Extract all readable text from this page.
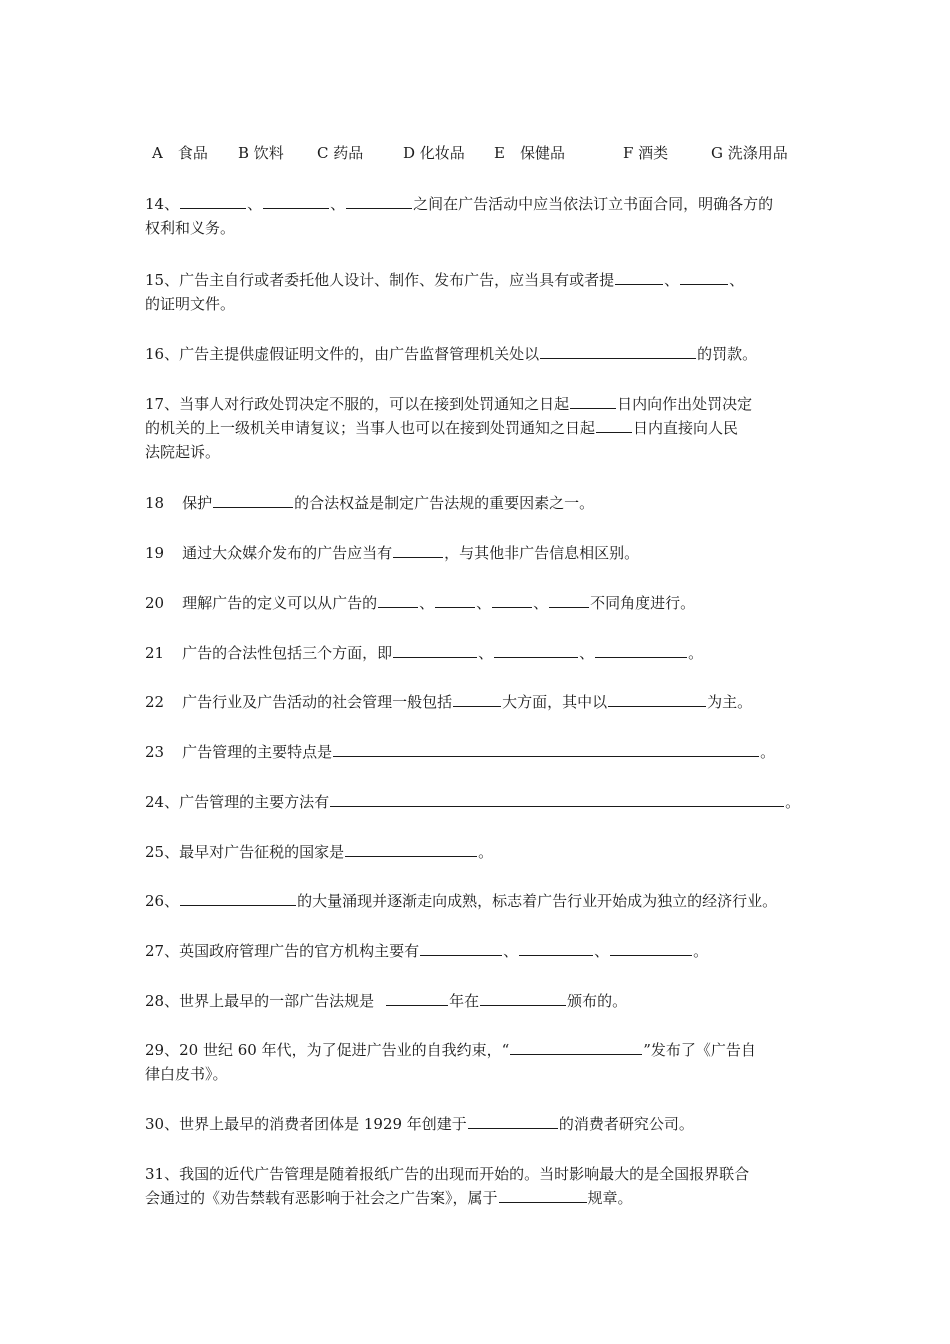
A　食品 B 饮料 C 药品	D 化妆品 E　保健品	F 酒类	G 洗涤用品
14、	、	、	之间在广告活动中应当依法订立书面合同，明确各方的
权利和义务。
15、广告主自行或者委托他人设计、制作、发布广告，应当具有或者提	、	、
的证明文件。
16、广告主提供虚假证明文件的，由广告监督管理机关处以	的罚款。
17、当事人对行政处罚决定不服的，可以在接到处罚通知之日起	日内向作出处罚决定
的机关的上一级机关申请复议；当事人也可以在接到处罚通知之日起	日内直接向人民
法院起诉。
18 保护	的合法权益是制定广告法规的重要因素之一。
19 通过大众媒介发布的广告应当有	，与其他非广告信息相区别。
20 理解广告的定义可以从广告的	、	、	、	不同角度进行。
21 广告的合法性包括三个方面，即	、	、	。
22 广告行业及广告活动的社会管理一般包括	大方面，其中以	为主。
23 广告管理的主要特点是	。
24、广告管理的主要方法有	。
25、最早对广告征税的国家是	。
26、	的大量涌现并逐渐走向成熟，标志着广告行业开始成为独立的经济行业。
27、英国政府管理广告的官方机构主要有	、	、	。
28、世界上最早的一部广告法规是	年在	颁布的。
29、20 世纪 60 年代，为了促进广告业的自我约束，“	”发布了《广告自
律白皮书》。
30、世界上最早的消费者团体是 1929 年创建于	的消费者研究公司。
31、我国的近代广告管理是随着报纸广告的出现而开始的。当时影响最大的是全国报界联合
会通过的《劝告禁载有恶影响于社会之广告案》，属于	规章。
